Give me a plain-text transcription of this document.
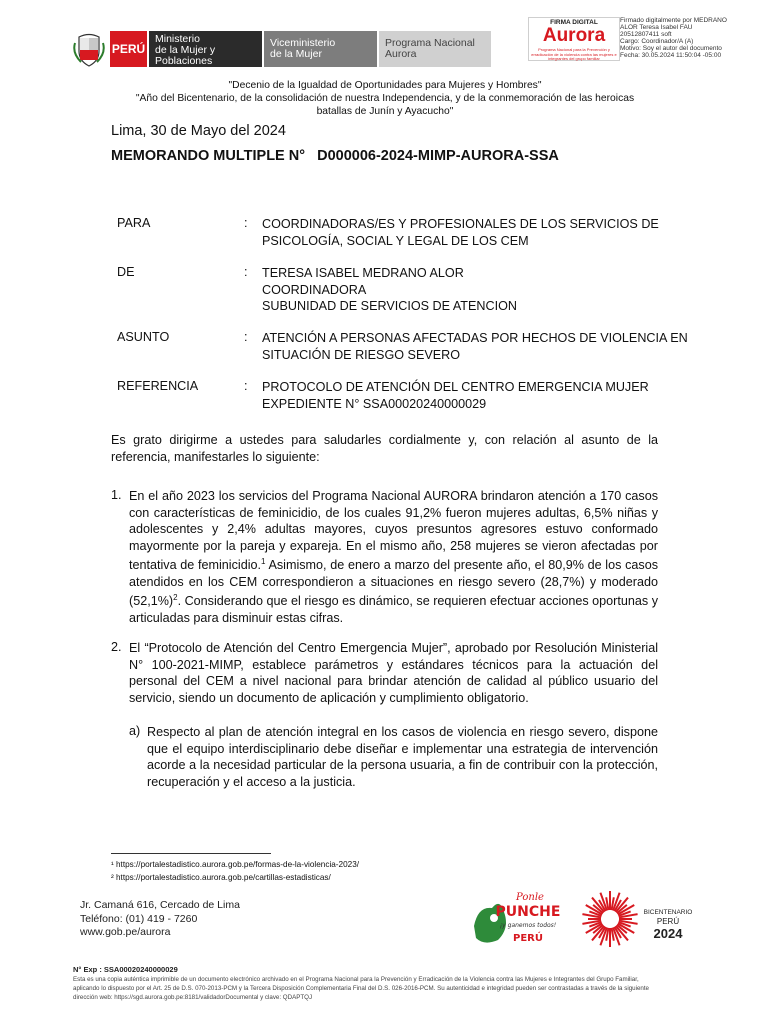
PERÚ
Ministerio
de la Mujer y
Poblaciones Vulnerables
Viceministerio
de la Mujer
Programa Nacional
Aurora
FIRMA DIGITAL
Aurora
Programa Nacional para la Prevención y erradicación de la violencia contra las mujeres e integrantes del grupo familiar
Firmado digitalmente por MEDRANO
ALOR Teresa Isabel FAU
20512807411 soft
Cargo: Coordinador/A (A)
Motivo: Soy el autor del documento
Fecha: 30.05.2024 11:50:04 -05:00
"Decenio de la Igualdad de Oportunidades para Mujeres y Hombres"
"Año del Bicentenario, de la consolidación de nuestra Independencia, y de la conmemoración de las heroicas
batallas de Junín y Ayacucho"
Lima, 30 de Mayo del 2024
MEMORANDO MULTIPLE N°   D000006-2024-MIMP-AURORA-SSA
PARA	: COORDINADORAS/ES Y PROFESIONALES DE LOS SERVICIOS DE
PSICOLOGÍA, SOCIAL Y LEGAL DE LOS CEM
DE	: TERESA ISABEL MEDRANO ALOR
COORDINADORA
SUBUNIDAD DE SERVICIOS DE ATENCION
ASUNTO	: ATENCIÓN A PERSONAS AFECTADAS POR HECHOS DE VIOLENCIA EN
SITUACIÓN DE RIESGO SEVERO
REFERENCIA	: PROTOCOLO DE ATENCIÓN DEL CENTRO EMERGENCIA MUJER
EXPEDIENTE N° SSA00020240000029
Es grato dirigirme a ustedes para saludarles cordialmente y, con relación al asunto de la referencia, manifestarles lo siguiente:
1. En el año 2023 los servicios del Programa Nacional AURORA brindaron atención a 170 casos con características de feminicidio, de los cuales 91,2% fueron mujeres adultas, 6,5% niñas y adolescentes y 2,4% adultas mayores, cuyos presuntos agresores estuvo conformado mayormente por la pareja y expareja. En el mismo año, 258 mujeres se vieron afectadas por tentativa de feminicidio.$^1$ Asimismo, de enero a marzo del presente año, el 80,9% de los casos atendidos en los CEM correspondieron a situaciones en riesgo severo (28,7%) y moderado $(52,1\%)^2$. Considerando que el riesgo es dinámico, se requieren efectuar acciones oportunas y articuladas para disminuir estas cifras.
2. El “Protocolo de Atención del Centro Emergencia Mujer”, aprobado por Resolución Ministerial N° 100-2021-MIMP, establece parámetros y estándares técnicos para la actuación del personal del CEM a nivel nacional para brindar atención de calidad al público usuario del servicio, siendo un documento de aplicación y cumplimiento obligatorio.
a) Respecto al plan de atención integral en los casos de violencia en riesgo severo, dispone que el equipo interdisciplinario debe diseñar e implementar una estrategia de intervención acorde a la necesidad particular de la persona usuaria, a fin de contribuir con la protección, recuperación y el acceso a la justicia.
¹ https://portalestadistico.aurora.gob.pe/formas-de-la-violencia-2023/
² https://portalestadistico.aurora.gob.pe/cartillas-estadisticas/
Jr. Camaná 616, Cercado de Lima
Teléfono: (01) 419 - 7260
www.gob.pe/aurora
Ponle
PUNCHE
¡y ganemos todos!
PERÚ
BICENTENARIO
PERÚ
2024
N° Exp : SSA00020240000029
Esta es una copia auténtica imprimible de un documento electrónico archivado en el Programa Nacional para la Prevención y Erradicación de la Violencia contra las Mujeres e Integrantes del Grupo Familiar,
aplicando lo dispuesto por el Art. 25 de D.S. 070-2013-PCM y la Tercera Disposición Complementaria Final del D.S. 026-2016-PCM. Su autenticidad e integridad pueden ser contrastadas a través de la siguiente
dirección web: https://sgd.aurora.gob.pe:8181/validadorDocumental y clave: QDAPTQJ
